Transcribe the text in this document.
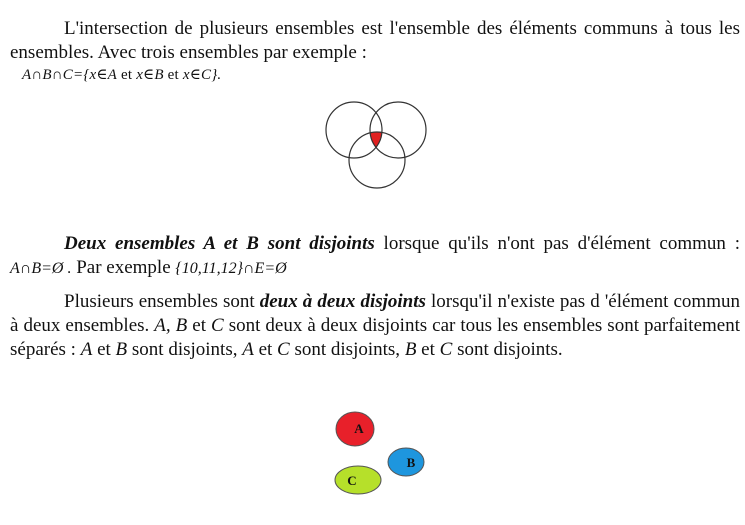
L'intersection de plusieurs ensembles est l'ensemble des éléments communs à tous les ensembles. Avec trois ensembles par exemple :

A∩B∩C={x∈A et x∈B et x∈C}.

Deux ensembles A et B sont disjoints lorsque qu'ils n'ont pas d'élément commun : A∩B=Ø . Par exemple {10,11,12}∩E=Ø

Plusieurs ensembles sont deux à deux disjoints lorsqu'il n'existe pas d 'élément commun à deux ensembles. A, B et C sont deux à deux disjoints car tous les ensembles sont parfaitement séparés : A et B sont disjoints, A et C sont disjoints, B et C sont disjoints.

A
B
C
